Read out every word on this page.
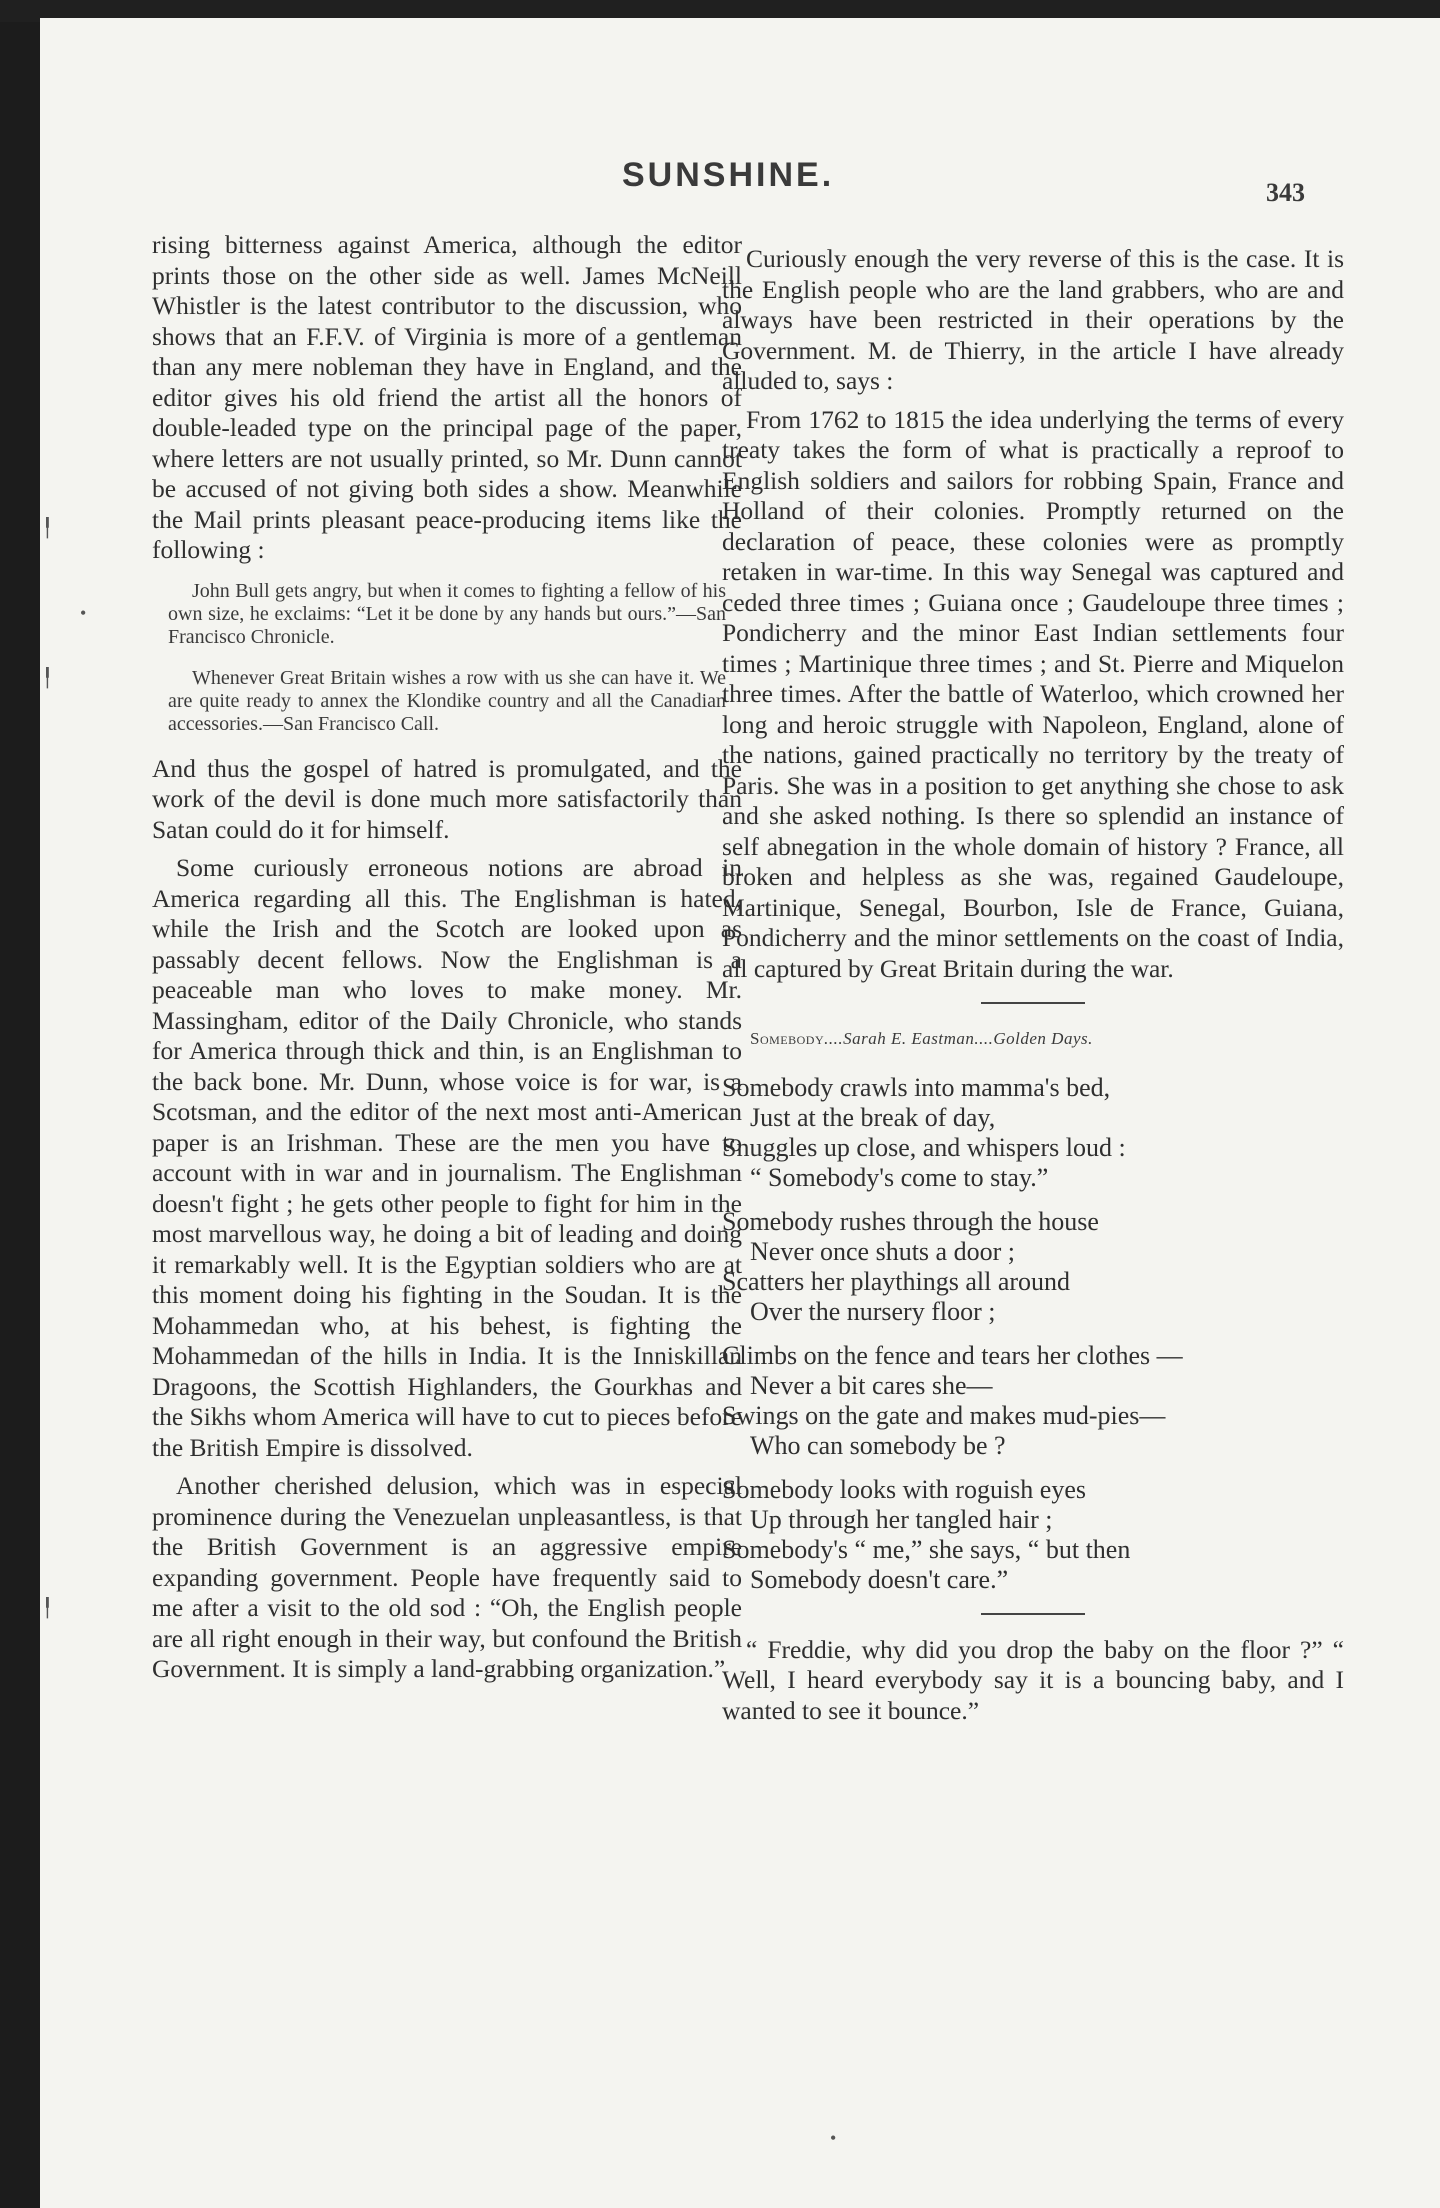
SUNSHINE.	343

rising bitterness against America, although the editor prints those on the other side as well. James McNeill Whistler is the latest contributor to the discussion, who shows that an F.F.V. of Virginia is more of a gentleman than any mere nobleman they have in England, and the editor gives his old friend the artist all the honors of double-leaded type on the principal page of the paper, where letters are not usually printed, so Mr. Dunn cannot be accused of not giving both sides a show. Meanwhile the Mail prints pleasant peace-producing items like the following :

John Bull gets angry, but when it comes to fighting a fellow of his own size, he exclaims: “Let it be done by any hands but ours.”—San Francisco Chronicle.
Whenever Great Britain wishes a row with us she can have it. We are quite ready to annex the Klondike country and all the Canadian accessories.—San Francisco Call.

And thus the gospel of hatred is promulgated, and the work of the devil is done much more satisfactorily than Satan could do it for himself.

Some curiously erroneous notions are abroad in America regarding all this. The Englishman is hated, while the Irish and the Scotch are looked upon as passably decent fellows. Now the Englishman is a peaceable man who loves to make money. Mr. Massingham, editor of the Daily Chronicle, who stands for America through thick and thin, is an Englishman to the back bone. Mr. Dunn, whose voice is for war, is a Scotsman, and the editor of the next most anti-American paper is an Irishman. These are the men you have to account with in war and in journalism. The Englishman doesn't fight ; he gets other people to fight for him in the most marvellous way, he doing a bit of leading and doing it remarkably well. It is the Egyptian soldiers who are at this moment doing his fighting in the Soudan. It is the Mohammedan who, at his behest, is fighting the Mohammedan of the hills in India. It is the Inniskillan Dragoons, the Scottish Highlanders, the Gourkhas and the Sikhs whom America will have to cut to pieces before the British Empire is dissolved.

Another cherished delusion, which was in especial prominence during the Venezuelan unpleasantless, is that the British Government is an aggressive empire expanding government. People have frequently said to me after a visit to the old sod : “Oh, the English people are all right enough in their way, but confound the British Government. It is simply a land-grabbing organization.”

Curiously enough the very reverse of this is the case. It is the English people who are the land grabbers, who are and always have been restricted in their operations by the Government. M. de Thierry, in the article I have already alluded to, says :

From 1762 to 1815 the idea underlying the terms of every treaty takes the form of what is practically a reproof to English soldiers and sailors for robbing Spain, France and Holland of their colonies. Promptly returned on the declaration of peace, these colonies were as promptly retaken in war-time. In this way Senegal was captured and ceded three times ; Guiana once ; Gaudeloupe three times ; Pondicherry and the minor East Indian settlements four times ; Martinique three times ; and St. Pierre and Miquelon three times. After the battle of Waterloo, which crowned her long and heroic struggle with Napoleon, England, alone of the nations, gained practically no territory by the treaty of Paris. She was in a position to get anything she chose to ask and she asked nothing. Is there so splendid an instance of self abnegation in the whole domain of history ? France, all broken and helpless as she was, regained Gaudeloupe, Martinique, Senegal, Bourbon, Isle de France, Guiana, Pondicherry and the minor settlements on the coast of India, all captured by Great Britain during the war.

Somebody....Sarah E. Eastman....Golden Days.
Somebody crawls into mamma's bed,
Just at the break of day,
Snuggles up close, and whispers loud :
“ Somebody's come to stay.”
Somebody rushes through the house
Never once shuts a door ;
Scatters her playthings all around
Over the nursery floor ;
Climbs on the fence and tears her clothes —
Never a bit cares she—
Swings on the gate and makes mud-pies—
Who can somebody be ?
Somebody looks with roguish eyes
Up through her tangled hair ;
Somebody's “ me,” she says, “ but then
Somebody doesn't care.”

“ Freddie, why did you drop the baby on the floor ?” “ Well, I heard everybody say it is a bouncing baby, and I wanted to see it bounce.”

╿
•
╿
╿
•
